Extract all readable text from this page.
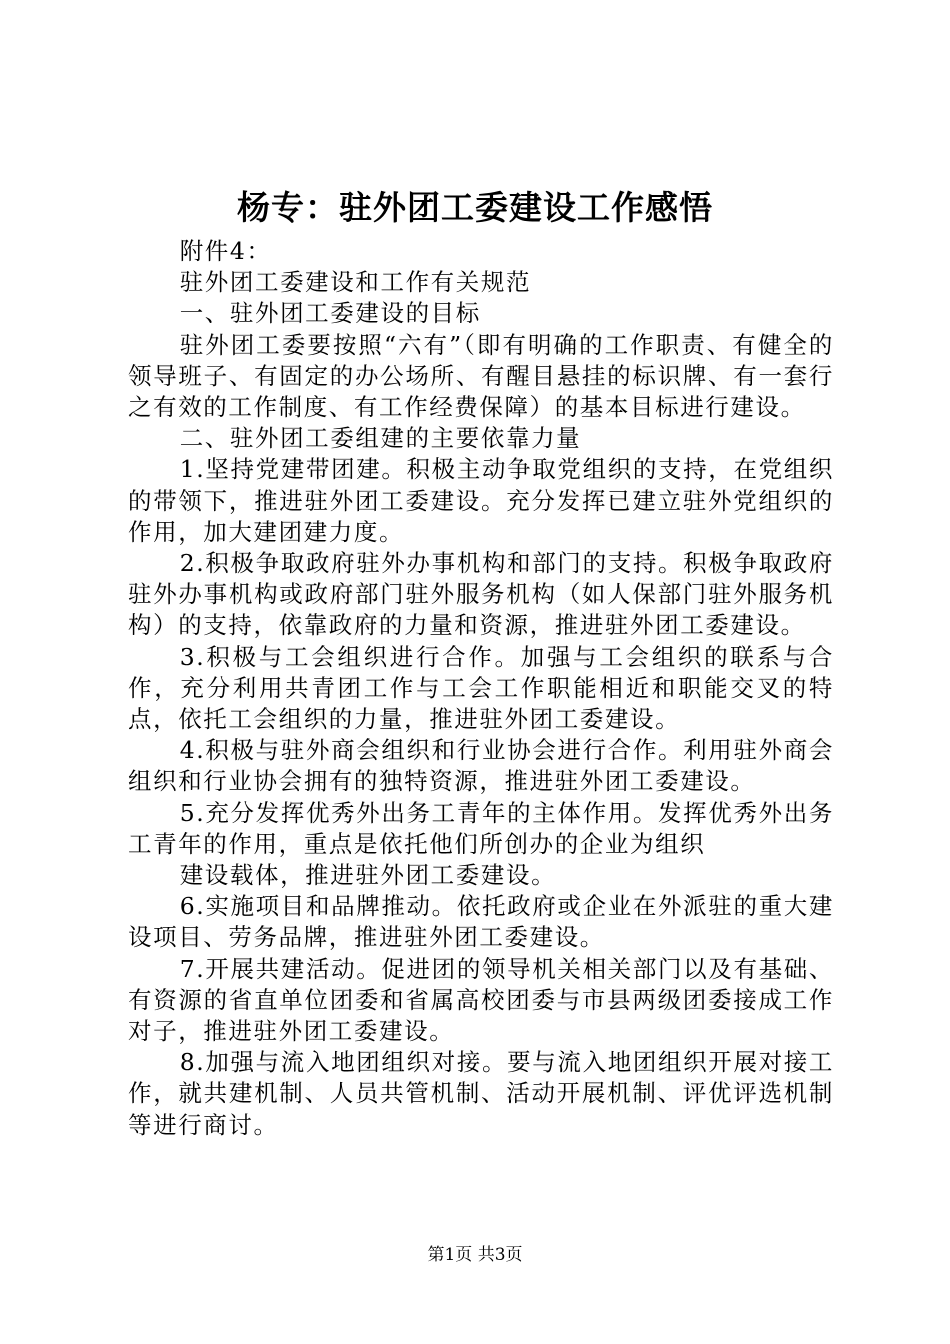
杨专：驻外团工委建设工作感悟

附件4：

驻外团工委建设和工作有关规范

一、驻外团工委建设的目标

驻外团工委要按照“六有”（即有明确的工作职责、有健全的领导班子、有固定的办公场所、有醒目悬挂的标识牌、有一套行之有效的工作制度、有工作经费保障）的基本目标进行建设。

二、驻外团工委组建的主要依靠力量

1.坚持党建带团建。积极主动争取党组织的支持，在党组织的带领下，推进驻外团工委建设。充分发挥已建立驻外党组织的作用，加大建团建力度。

2.积极争取政府驻外办事机构和部门的支持。积极争取政府驻外办事机构或政府部门驻外服务机构（如人保部门驻外服务机构）的支持，依靠政府的力量和资源，推进驻外团工委建设。

3.积极与工会组织进行合作。加强与工会组织的联系与合作，充分利用共青团工作与工会工作职能相近和职能交叉的特点，依托工会组织的力量，推进驻外团工委建设。

4.积极与驻外商会组织和行业协会进行合作。利用驻外商会组织和行业协会拥有的独特资源，推进驻外团工委建设。

5.充分发挥优秀外出务工青年的主体作用。发挥优秀外出务工青年的作用，重点是依托他们所创办的企业为组织

建设载体，推进驻外团工委建设。

6.实施项目和品牌推动。依托政府或企业在外派驻的重大建设项目、劳务品牌，推进驻外团工委建设。

7.开展共建活动。促进团的领导机关相关部门以及有基础、有资源的省直单位团委和省属高校团委与市县两级团委接成工作对子，推进驻外团工委建设。

8.加强与流入地团组织对接。要与流入地团组织开展对接工作，就共建机制、人员共管机制、活动开展机制、评优评选机制等进行商讨。

第1页 共3页
